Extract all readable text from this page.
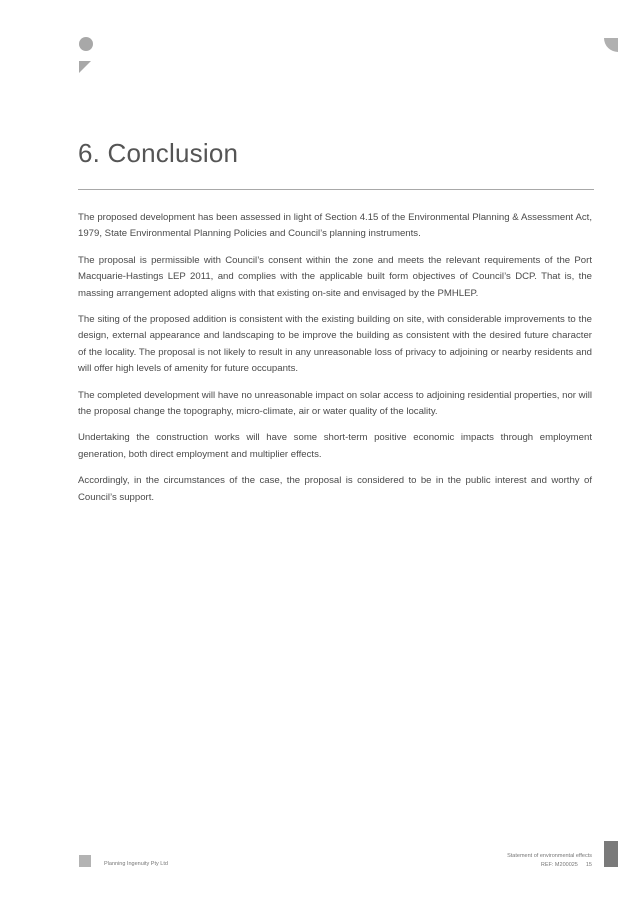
6. Conclusion

The proposed development has been assessed in light of Section 4.15 of the Environmental Planning & Assessment Act, 1979, State Environmental Planning Policies and Council’s planning instruments.

The proposal is permissible with Council’s consent within the zone and meets the relevant requirements of the Port Macquarie-Hastings LEP 2011, and complies with the applicable built form objectives of Council’s DCP. That is, the massing arrangement adopted aligns with that existing on-site and envisaged by the PMHLEP.

The siting of the proposed addition is consistent with the existing building on site, with considerable improvements to the design, external appearance and landscaping to be improve the building as consistent with the desired future character of the locality. The proposal is not likely to result in any unreasonable loss of privacy to adjoining or nearby residents and will offer high levels of amenity for future occupants.

The completed development will have no unreasonable impact on solar access to adjoining residential properties, nor will the proposal change the topography, micro-climate, air or water quality of the locality.

Undertaking the construction works will have some short-term positive economic impacts through employment generation, both direct employment and multiplier effects.

Accordingly, in the circumstances of the case, the proposal is considered to be in the public interest and worthy of Council’s support.

Planning Ingenuity Pty Ltd
Statement of environmental effects
REF: M200025 15
